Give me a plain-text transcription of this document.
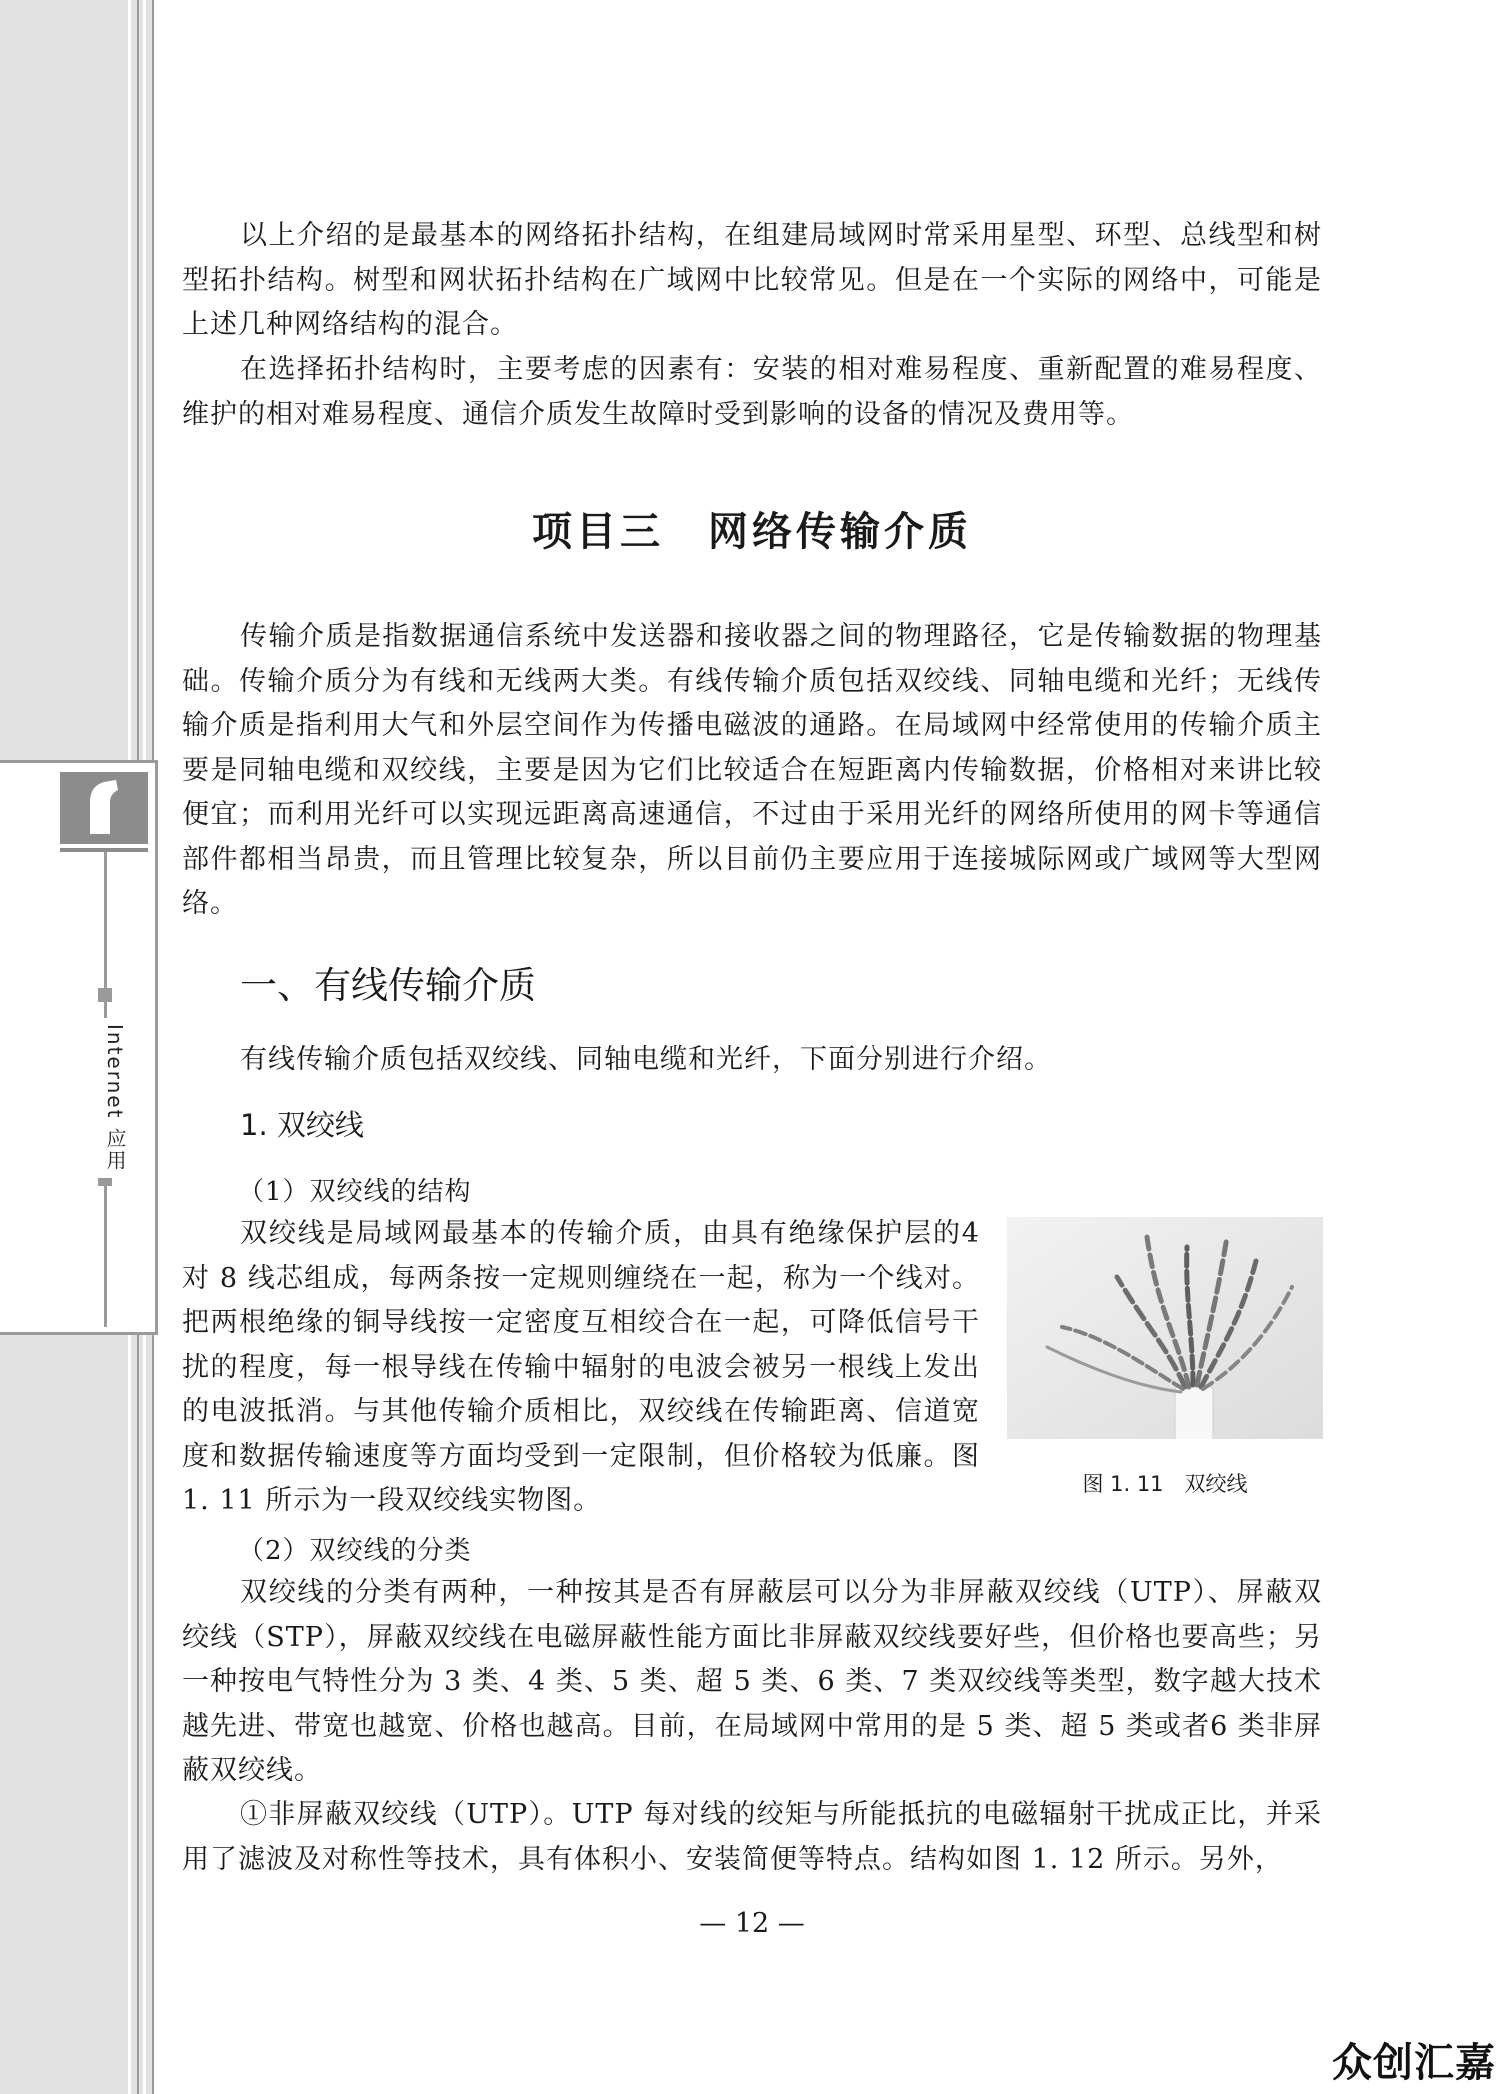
Internet 应用

以上介绍的是最基本的网络拓扑结构，在组建局域网时常采用星型、环型、总线型和树型拓扑结构。树型和网状拓扑结构在广域网中比较常见。但是在一个实际的网络中，可能是上述几种网络结构的混合。

在选择拓扑结构时，主要考虑的因素有：安装的相对难易程度、重新配置的难易程度、维护的相对难易程度、通信介质发生故障时受到影响的设备的情况及费用等。

项目三　网络传输介质

传输介质是指数据通信系统中发送器和接收器之间的物理路径，它是传输数据的物理基础。传输介质分为有线和无线两大类。有线传输介质包括双绞线、同轴电缆和光纤；无线传输介质是指利用大气和外层空间作为传播电磁波的通路。在局域网中经常使用的传输介质主要是同轴电缆和双绞线，主要是因为它们比较适合在短距离内传输数据，价格相对来讲比较便宜；而利用光纤可以实现远距离高速通信，不过由于采用光纤的网络所使用的网卡等通信部件都相当昂贵，而且管理比较复杂，所以目前仍主要应用于连接城际网或广域网等大型网络。

一、有线传输介质

有线传输介质包括双绞线、同轴电缆和光纤，下面分别进行介绍。

1. 双绞线

（1）双绞线的结构

双绞线是局域网最基本的传输介质，由具有绝缘保护层的4 对 8 线芯组成，每两条按一定规则缠绕在一起，称为一个线对。把两根绝缘的铜导线按一定密度互相绞合在一起，可降低信号干扰的程度，每一根导线在传输中辐射的电波会被另一根线上发出的电波抵消。与其他传输介质相比，双绞线在传输距离、信道宽度和数据传输速度等方面均受到一定限制，但价格较为低廉。图 1. 11 所示为一段双绞线实物图。

图 1. 11　双绞线

（2）双绞线的分类

双绞线的分类有两种，一种按其是否有屏蔽层可以分为非屏蔽双绞线（UTP）、屏蔽双绞线（STP），屏蔽双绞线在电磁屏蔽性能方面比非屏蔽双绞线要好些，但价格也要高些；另一种按电气特性分为 3 类、4 类、5 类、超 5 类、6 类、7 类双绞线等类型，数字越大技术越先进、带宽也越宽、价格也越高。目前，在局域网中常用的是 5 类、超 5 类或者6 类非屏蔽双绞线。

①非屏蔽双绞线（UTP）。UTP 每对线的绞矩与所能抵抗的电磁辐射干扰成正比，并采用了滤波及对称性等技术，具有体积小、安装简便等特点。结构如图 1. 12 所示。另外，

— 12 —

众创汇嘉
